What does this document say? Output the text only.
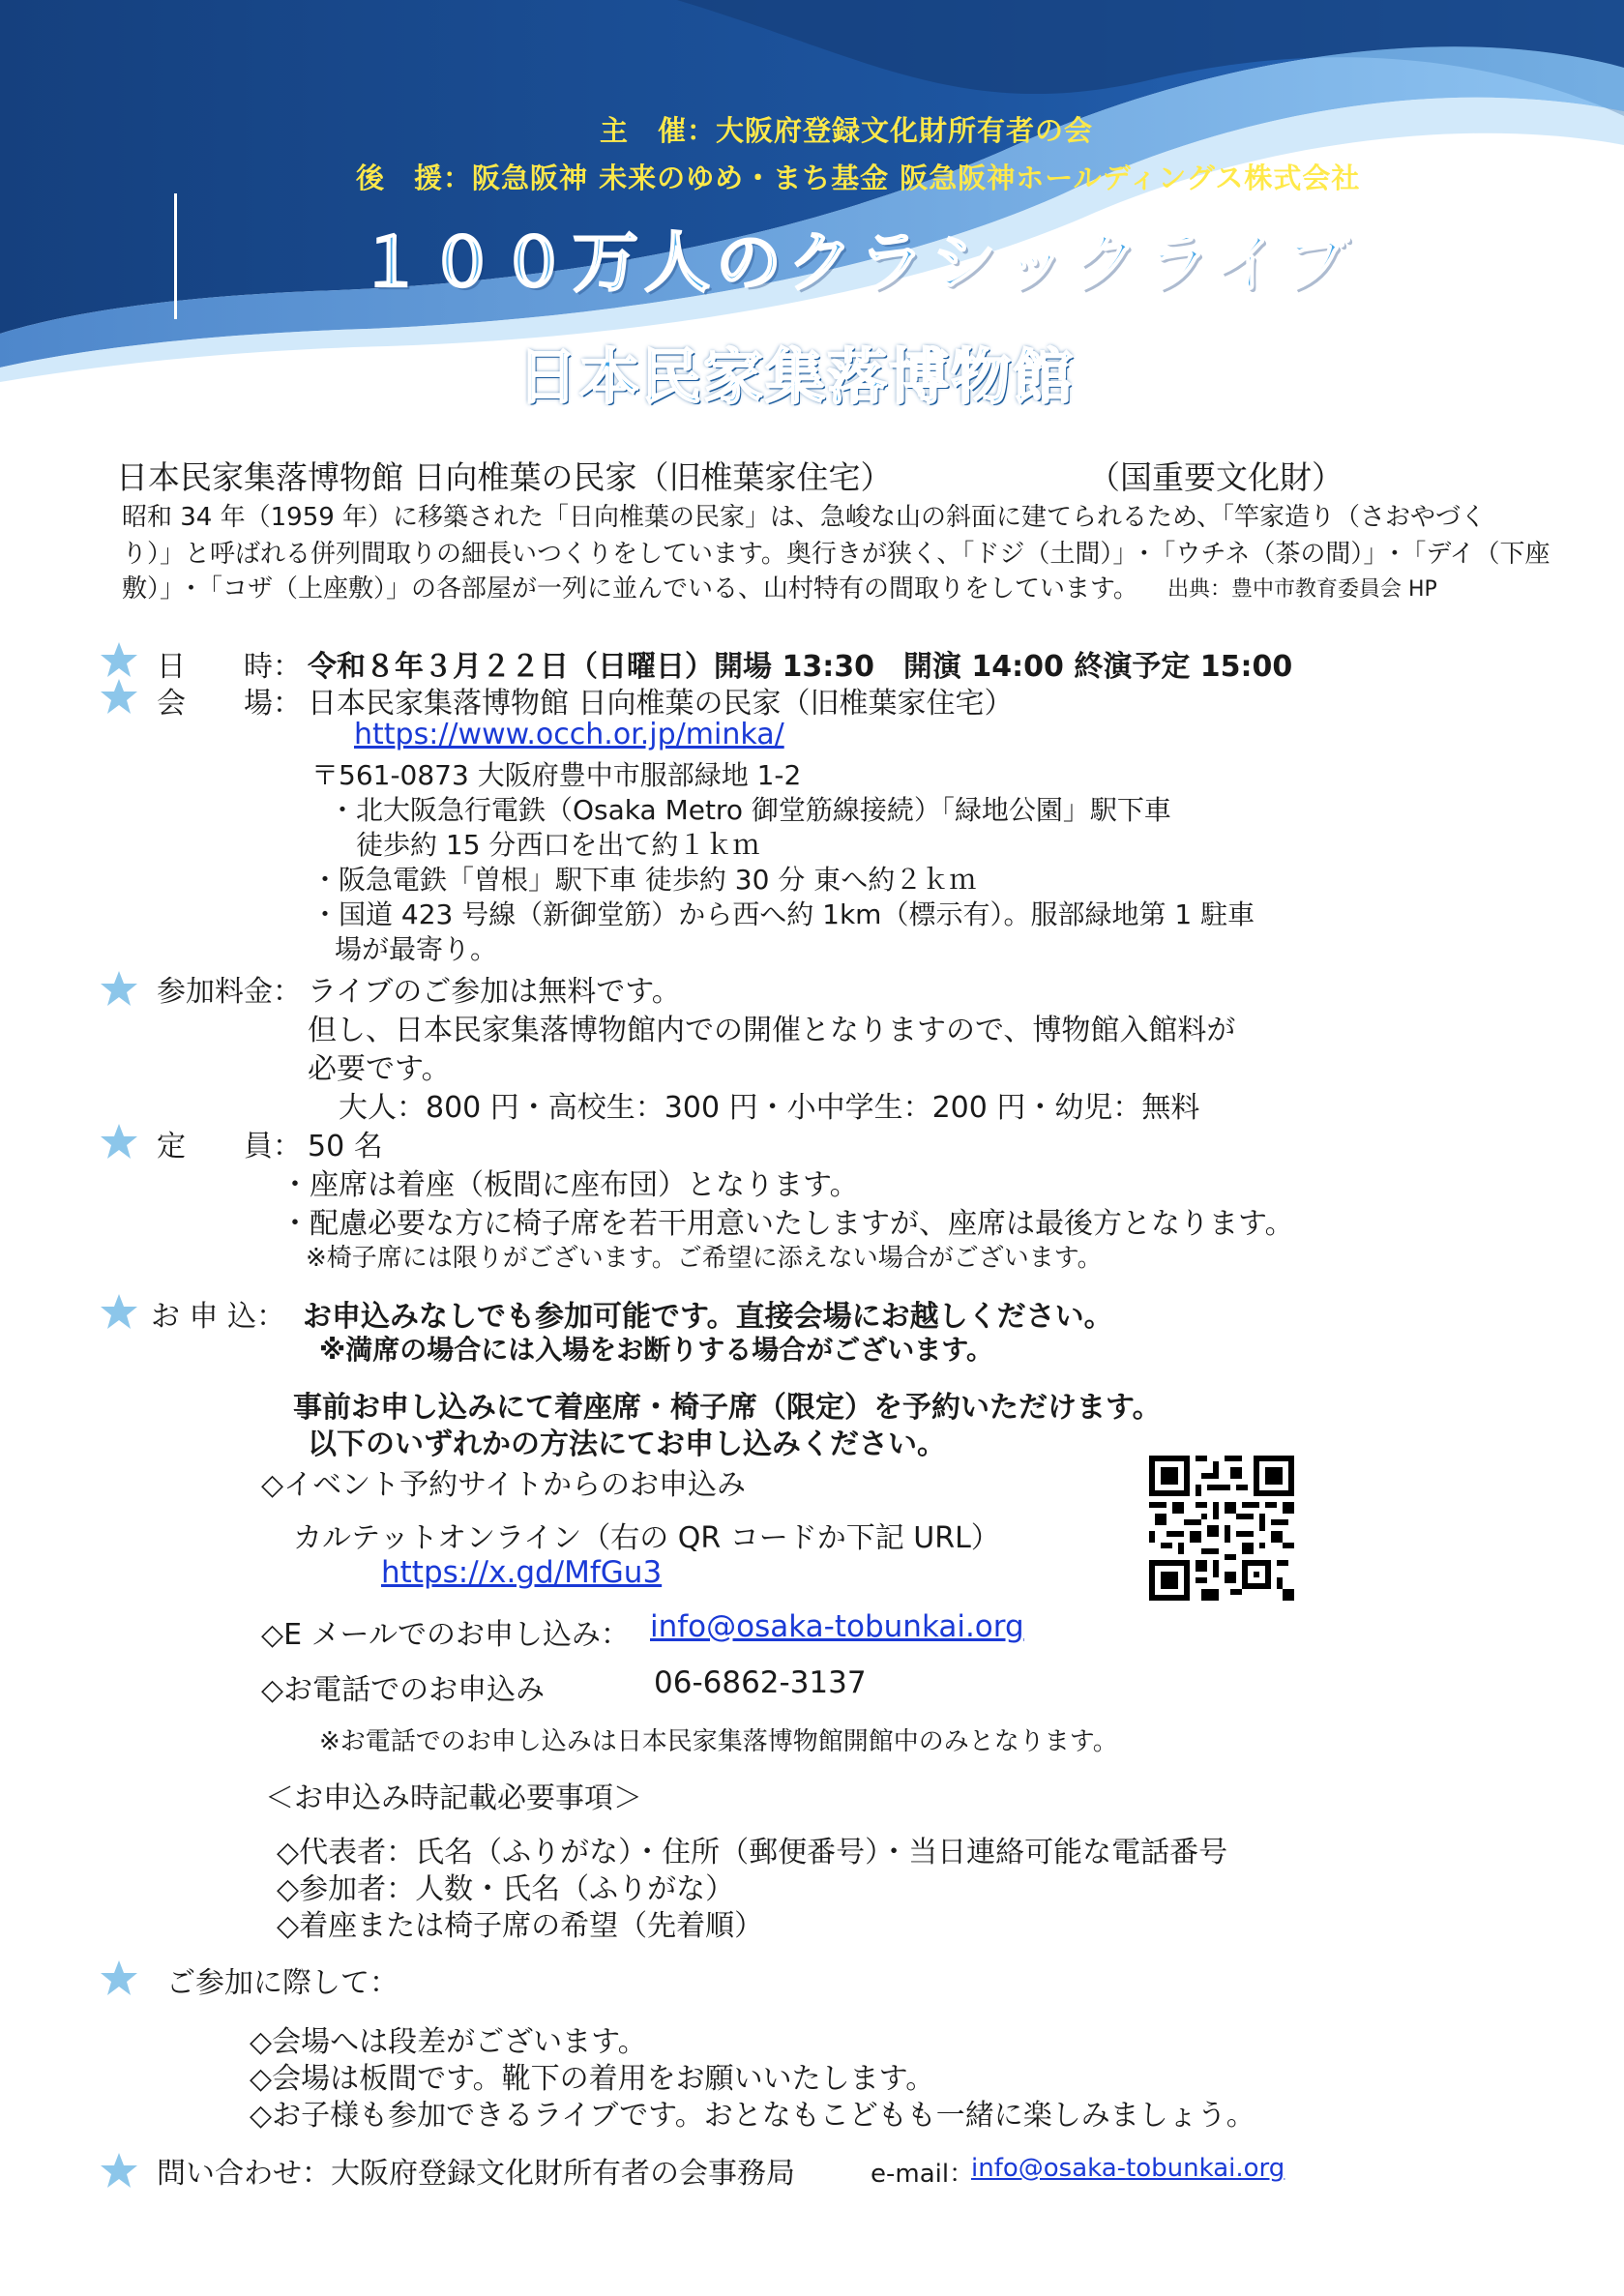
主　催：大阪府登録文化財所有者の会
後　援：阪急阪神 未来のゆめ・まち基金 阪急阪神ホールディングス株式会社
１００万人のクラシックライブ
日本民家集落博物館
日本民家集落博物館 日向椎葉の民家（旧椎葉家住宅）	（国重要文化財）
昭和 34 年（1959 年）に移築された「日向椎葉の民家」は、急峻な山の斜面に建てられるため、「竿家造り（さおやづく
り）」と呼ばれる併列間取りの細長いつくりをしています。奥行きが狭く、「ドジ（土間）」･「ウチネ（茶の間）」･「デイ（下座
敷）」･「コザ（上座敷）」の各部屋が一列に並んでいる、山村特有の間取りをしています。 出典：豊中市教育委員会 HP
日　　時： 令和８年３月２２日（日曜日）開場 13:30　開演 14:00 終演予定 15:00
会　　場： 日本民家集落博物館 日向椎葉の民家（旧椎葉家住宅）
https://www.occh.or.jp/minka/
〒561-0873 大阪府豊中市服部緑地 1-2
・北大阪急行電鉄（Osaka Metro 御堂筋線接続）「緑地公園」駅下車
徒歩約 15 分西口を出て約１ｋｍ
・阪急電鉄「曽根」駅下車 徒歩約 30 分 東へ約２ｋｍ
・国道 423 号線（新御堂筋）から西へ約 1km（標示有）。服部緑地第 1 駐車
場が最寄り。
参加料金： ライブのご参加は無料です。
但し、日本民家集落博物館内での開催となりますので、博物館入館料が
必要です。
大人：800 円・高校生：300 円・小中学生：200 円・幼児：無料
定　　員： 50 名
・座席は着座（板間に座布団）となります。
・配慮必要な方に椅子席を若干用意いたしますが、座席は最後方となります。
※椅子席には限りがございます。ご希望に添えない場合がございます。
お 申 込： お申込みなしでも参加可能です。直接会場にお越しください。
※満席の場合には入場をお断りする場合がございます。
事前お申し込みにて着座席・椅子席（限定）を予約いただけます。
以下のいずれかの方法にてお申し込みください。
◇イベント予約サイトからのお申込み
カルテットオンライン（右の QR コードか下記 URL）
https://x.gd/MfGu3
◇E メールでのお申し込み： info@osaka-tobunkai.org
◇お電話でのお申込み	06-6862-3137
※お電話でのお申し込みは日本民家集落博物館開館中のみとなります。
＜お申込み時記載必要事項＞
◇代表者：氏名（ふりがな）・住所（郵便番号）・当日連絡可能な電話番号
◇参加者：人数・氏名（ふりがな）
◇着座または椅子席の希望（先着順）
ご参加に際して：
◇会場へは段差がございます。
◇会場は板間です。靴下の着用をお願いいたします。
◇お子様も参加できるライブです。おとなもこどもも一緒に楽しみましょう。
問い合わせ：大阪府登録文化財所有者の会事務局	e-mail：
info@osaka-tobunkai.org
